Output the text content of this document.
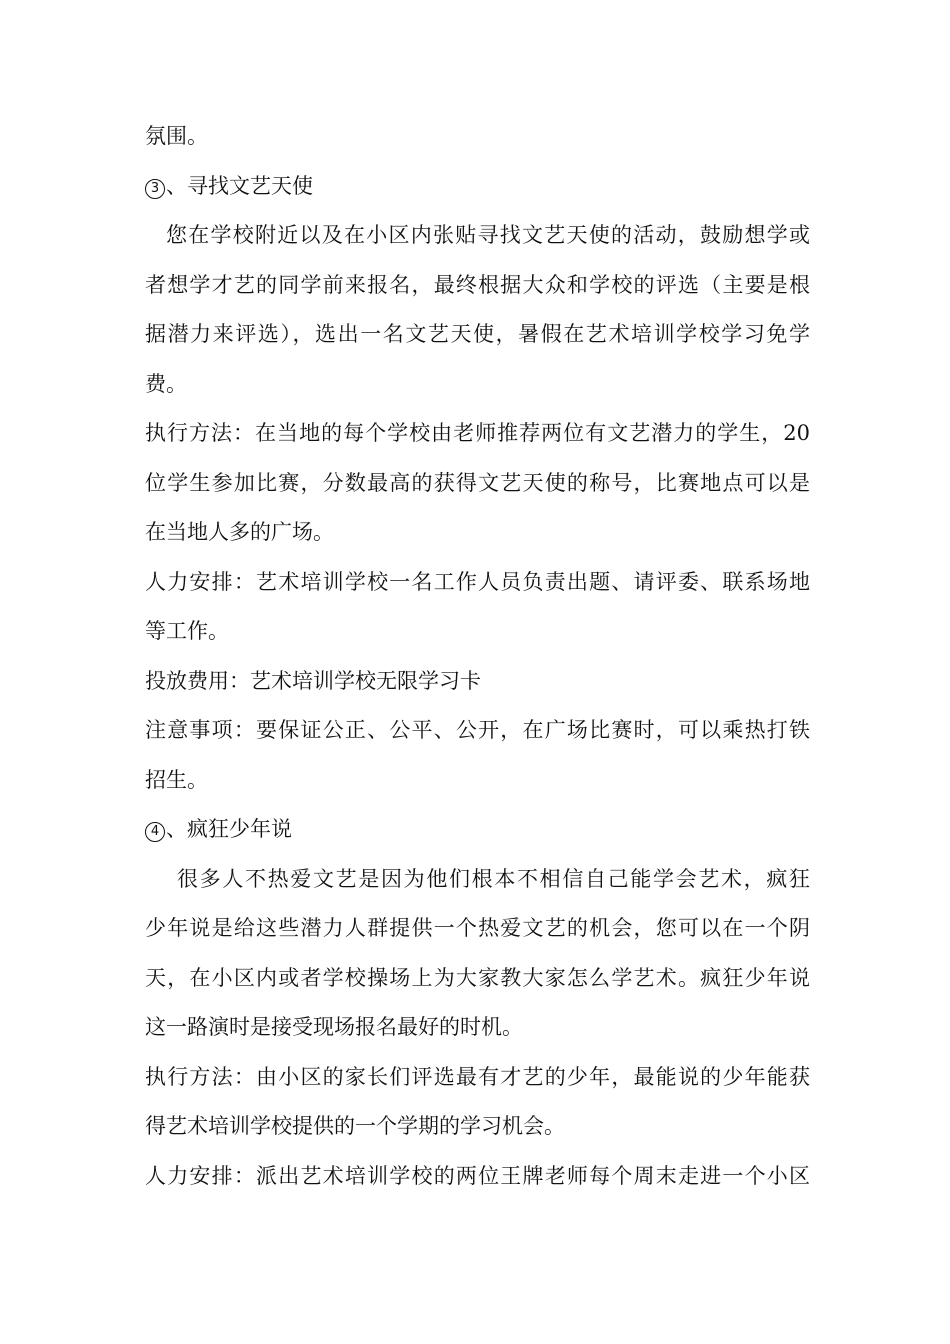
氛围。
3 、寻找文艺天使
您在学校附近以及在小区内张贴寻找文艺天使的活动，鼓励想学或
者想学才艺的同学前来报名，最终根据大众和学校的评选（主要是根
据潜力来评选），选出一名文艺天使，暑假在艺术培训学校学习免学
费。
执行方法：在当地的每个学校由老师推荐两位有文艺潜力的学生，20
位学生参加比赛，分数最高的获得文艺天使的称号，比赛地点可以是
在当地人多的广场。
人力安排：艺术培训学校一名工作人员负责出题、请评委、联系场地
等工作。
投放费用：艺术培训学校无限学习卡
注意事项：要保证公正、公平、公开，在广场比赛时，可以乘热打铁
招生。
4 、疯狂少年说
很多人不热爱文艺是因为他们根本不相信自己能学会艺术，疯狂
少年说是给这些潜力人群提供一个热爱文艺的机会，您可以在一个阴
天，在小区内或者学校操场上为大家教大家怎么学艺术。疯狂少年说
这一路演时是接受现场报名最好的时机。
执行方法：由小区的家长们评选最有才艺的少年，最能说的少年能获
得艺术培训学校提供的一个学期的学习机会。
人力安排：派出艺术培训学校的两位王牌老师每个周末走进一个小区
